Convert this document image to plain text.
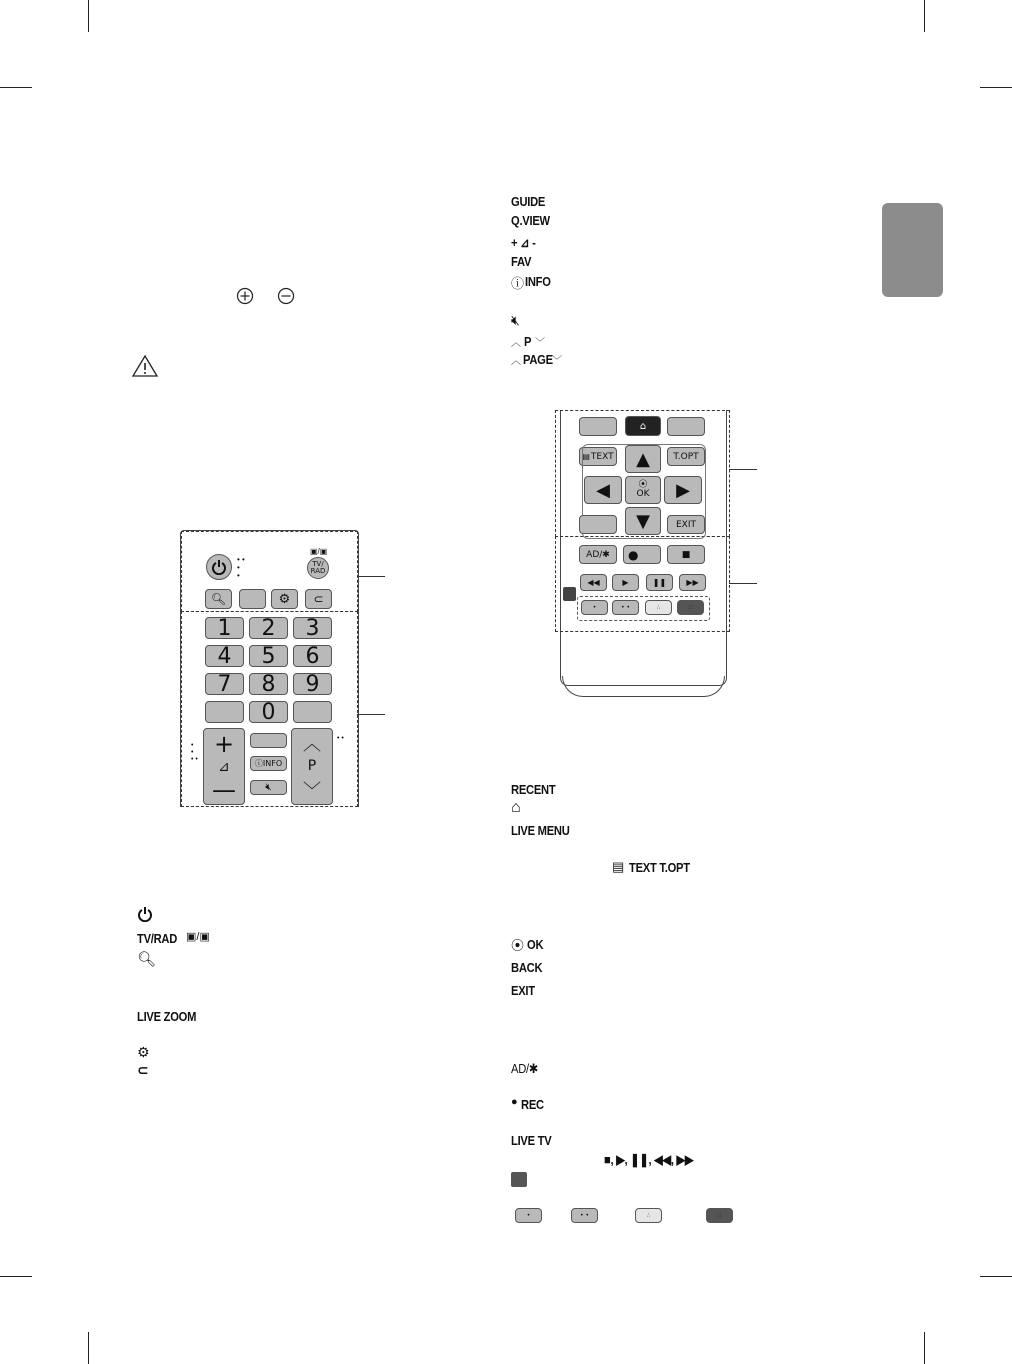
• •
•
•
▣/▣
TV/
RAD
🔍︎	⚙ ⊂
1	2	3
4	5	6
7	8	9
0
+
⊿
—
•
•
• •	ⓘINFO
🔇︎
︿
P
﹀
• •
TV/RAD ▣/▣
🔍︎
LIVE ZOOM
⚙
⊂
GUIDE
Q.VIEW
+ ⊿ -
FAV
ⓘ INFO
🔇︎
︿ P ﹀
︿ PAGE ﹀
⌂
▤ TEXT	T.OPT
▲
◀	⦿
OK	▶
▼	EXIT
AD/✱	●	■
◀◀	▶	❚❚	▶▶
•	• •	∴	∷
RECENT
⌂
LIVE MENU
▤ TEXT T.OPT
⦿ OK
BACK
EXIT
AD/✱
● REC
LIVE TV
■, ▶, ❚❚, ◀◀, ▶▶
•	• •	∴	∷
